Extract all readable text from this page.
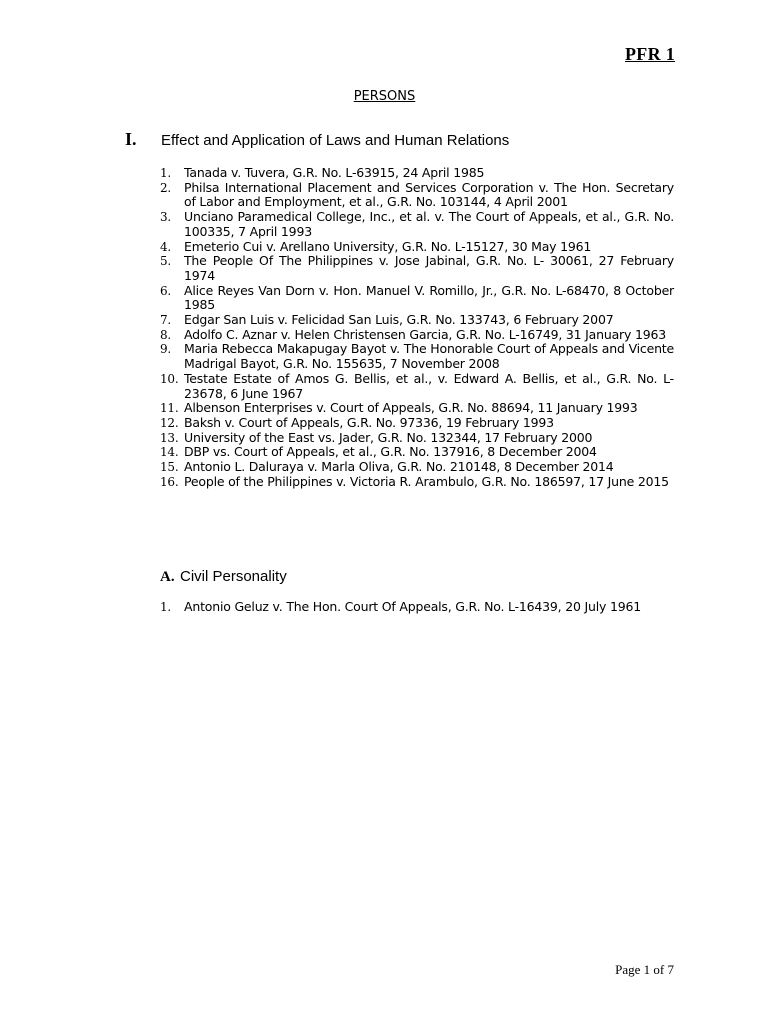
PFR 1
PERSONS
I.	Effect and Application of Laws and Human Relations
1.	Tanada v. Tuvera, G.R. No. L-63915, 24 April 1985
2.	Philsa International Placement and Services Corporation v. The Hon. Secretary of Labor and Employment, et al., G.R. No. 103144, 4 April 2001
3.	Unciano Paramedical College, Inc., et al. v. The Court of Appeals, et al., G.R. No. 100335, 7 April 1993
4.	Emeterio Cui v. Arellano University, G.R. No. L-15127, 30 May 1961
5.	The People Of The Philippines v. Jose Jabinal, G.R. No. L- 30061, 27 February 1974
6.	Alice Reyes Van Dorn v. Hon. Manuel V. Romillo, Jr., G.R. No. L-68470, 8 October 1985
7.	Edgar San Luis v. Felicidad San Luis, G.R. No. 133743, 6 February 2007
8.	Adolfo C. Aznar v. Helen Christensen Garcia, G.R. No. L-16749, 31 January 1963
9.	Maria Rebecca Makapugay Bayot v. The Honorable Court of Appeals and Vicente Madrigal Bayot, G.R. No. 155635, 7 November 2008
10. Testate Estate of Amos G. Bellis, et al., v. Edward A. Bellis, et al., G.R. No. L-23678, 6 June 1967
11. Albenson Enterprises v. Court of Appeals, G.R. No. 88694, 11 January 1993
12. Baksh v. Court of Appeals, G.R. No. 97336, 19 February 1993
13. University of the East vs. Jader, G.R. No. 132344, 17 February 2000
14. DBP vs. Court of Appeals, et al., G.R. No. 137916, 8 December 2004
15. Antonio L. Daluraya v. Marla Oliva, G.R. No. 210148, 8 December 2014
16. People of the Philippines v. Victoria R. Arambulo, G.R. No. 186597, 17 June 2015
A. Civil Personality
1.	Antonio Geluz v. The Hon. Court Of Appeals, G.R. No. L-16439, 20 July 1961
Page 1 of 7
